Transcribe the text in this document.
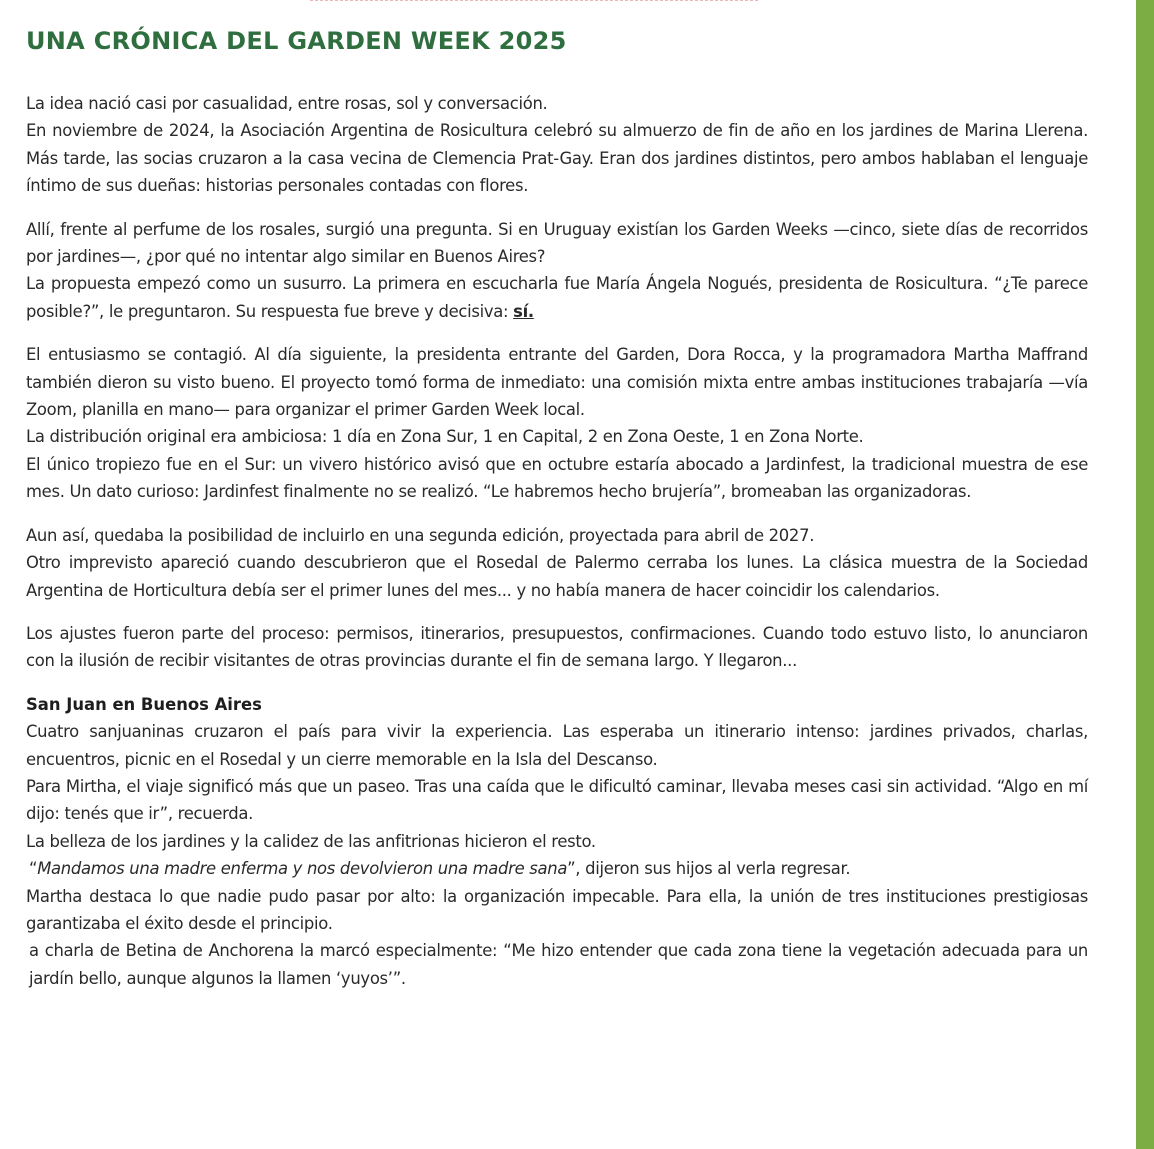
UNA CRÓNICA DEL GARDEN WEEK 2025

La idea nació casi por casualidad, entre rosas, sol y conversación.

En noviembre de 2024, la Asociación Argentina de Rosicultura celebró su almuerzo de fin de año en los jardines de Marina Llerena. Más tarde, las socias cruzaron a la casa vecina de Clemencia Prat-Gay. Eran dos jardines distintos, pero ambos hablaban el lenguaje íntimo de sus dueñas: historias personales contadas con flores.

Allí, frente al perfume de los rosales, surgió una pregunta. Si en Uruguay existían los Garden Weeks —cinco, siete días de recorridos por jardines—, ¿por qué no intentar algo similar en Buenos Aires?

La propuesta empezó como un susurro. La primera en escucharla fue María Ángela Nogués, presidenta de Rosicultura. “¿Te parece posible?”, le preguntaron. Su respuesta fue breve y decisiva: sí.

El entusiasmo se contagió. Al día siguiente, la presidenta entrante del Garden, Dora Rocca, y la programadora Martha Maffrand también dieron su visto bueno. El proyecto tomó forma de inmediato: una comisión mixta entre ambas instituciones trabajaría —vía Zoom, planilla en mano— para organizar el primer Garden Week local.

La distribución original era ambiciosa: 1 día en Zona Sur, 1 en Capital, 2 en Zona Oeste, 1 en Zona Norte.

El único tropiezo fue en el Sur: un vivero histórico avisó que en octubre estaría abocado a Jardinfest, la tradicional muestra de ese mes. Un dato curioso: Jardinfest finalmente no se realizó. “Le habremos hecho brujería”, bromeaban las organizadoras.

Aun así, quedaba la posibilidad de incluirlo en una segunda edición, proyectada para abril de 2027.

Otro imprevisto apareció cuando descubrieron que el Rosedal de Palermo cerraba los lunes. La clásica muestra de la Sociedad Argentina de Horticultura debía ser el primer lunes del mes... y no había manera de hacer coincidir los calendarios.

Los ajustes fueron parte del proceso: permisos, itinerarios, presupuestos, confirmaciones. Cuando todo estuvo listo, lo anunciaron con la ilusión de recibir visitantes de otras provincias durante el fin de semana largo. Y llegaron...

San Juan en Buenos Aires

Cuatro sanjuaninas cruzaron el país para vivir la experiencia. Las esperaba un itinerario intenso: jardines privados, charlas, encuentros, picnic en el Rosedal y un cierre memorable en la Isla del Descanso.

Para Mirtha, el viaje significó más que un paseo. Tras una caída que le dificultó caminar, llevaba meses casi sin actividad. “Algo en mí dijo: tenés que ir”, recuerda.

La belleza de los jardines y la calidez de las anfitrionas hicieron el resto.

“Mandamos una madre enferma y nos devolvieron una madre sana”, dijeron sus hijos al verla regresar.

Martha destaca lo que nadie pudo pasar por alto: la organización impecable. Para ella, la unión de tres instituciones prestigiosas garantizaba el éxito desde el principio.

a charla de Betina de Anchorena la marcó especialmente: “Me hizo entender que cada zona tiene la vegetación adecuada para un jardín bello, aunque algunos la llamen ‘yuyos’”.
